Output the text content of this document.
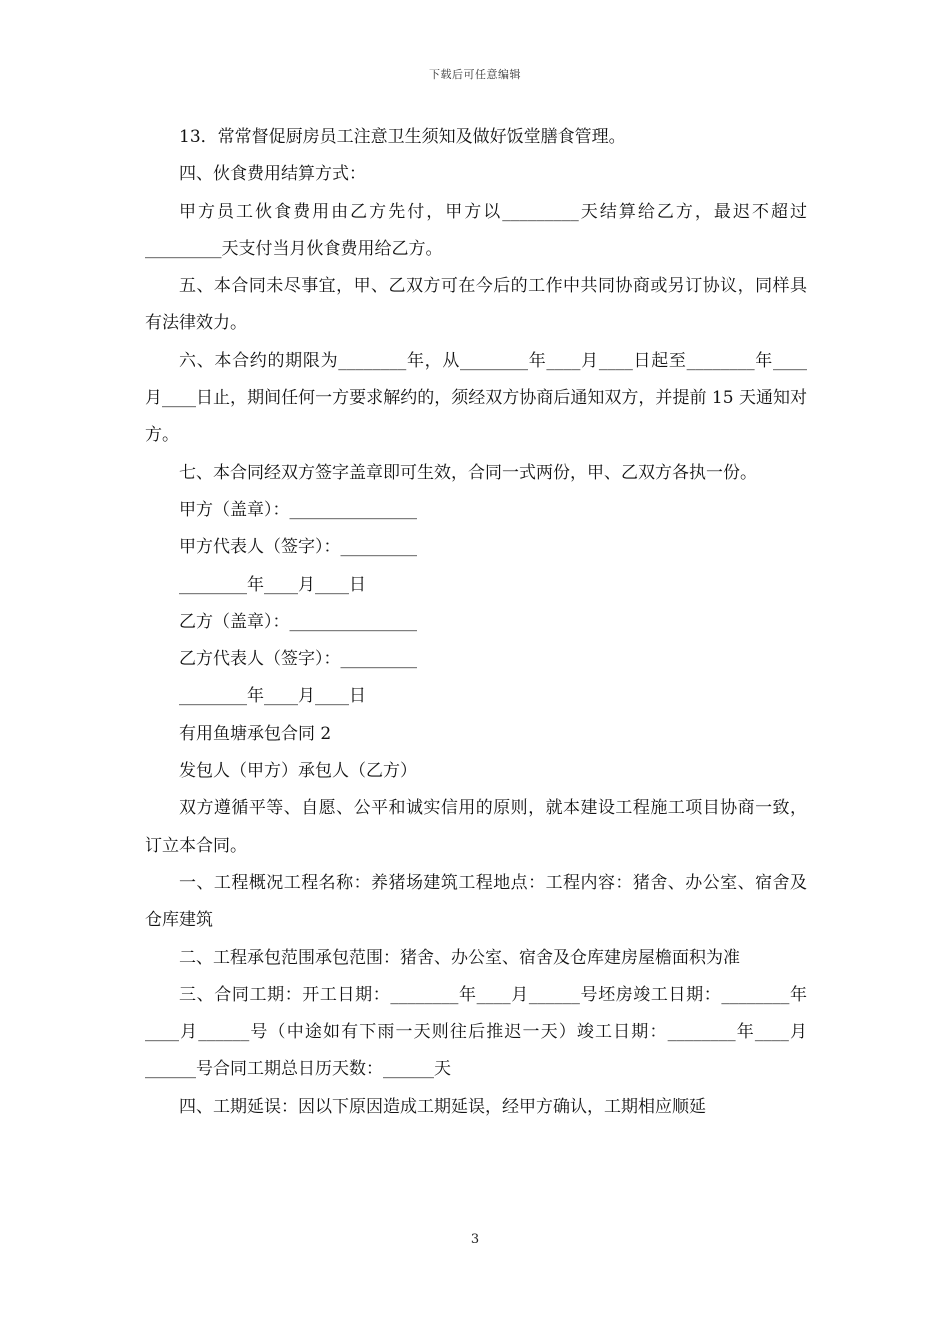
下载后可任意编辑

13．常常督促厨房员工注意卫生须知及做好饭堂膳食管理。

四、伙食费用结算方式：

甲方员工伙食费用由乙方先付，甲方以_________天结算给乙方，最迟不超过_________天支付当月伙食费用给乙方。

五、本合同未尽事宜，甲、乙双方可在今后的工作中共同协商或另订协议，同样具有法律效力。

六、本合约的期限为________年，从________年____月____日起至________年____月____日止，期间任何一方要求解约的，须经双方协商后通知双方，并提前 15 天通知对方。

七、本合同经双方签字盖章即可生效，合同一式两份，甲、乙双方各执一份。

甲方（盖章）：_______________

甲方代表人（签字）：_________

________年____月____日

乙方（盖章）：_______________

乙方代表人（签字）：_________

________年____月____日

有用鱼塘承包合同 2

发包人（甲方）承包人（乙方）

双方遵循平等、自愿、公平和诚实信用的原则，就本建设工程施工项目协商一致，订立本合同。

一、工程概况工程名称：养猪场建筑工程地点：工程内容：猪舍、办公室、宿舍及仓库建筑

二、工程承包范围承包范围：猪舍、办公室、宿舍及仓库建房屋檐面积为准

三、合同工期：开工日期：________年____月______号坯房竣工日期：________年____月______号（中途如有下雨一天则往后推迟一天）竣工日期：________年____月______号合同工期总日历天数：______天

四、工期延误：因以下原因造成工期延误，经甲方确认，工期相应顺延

3
